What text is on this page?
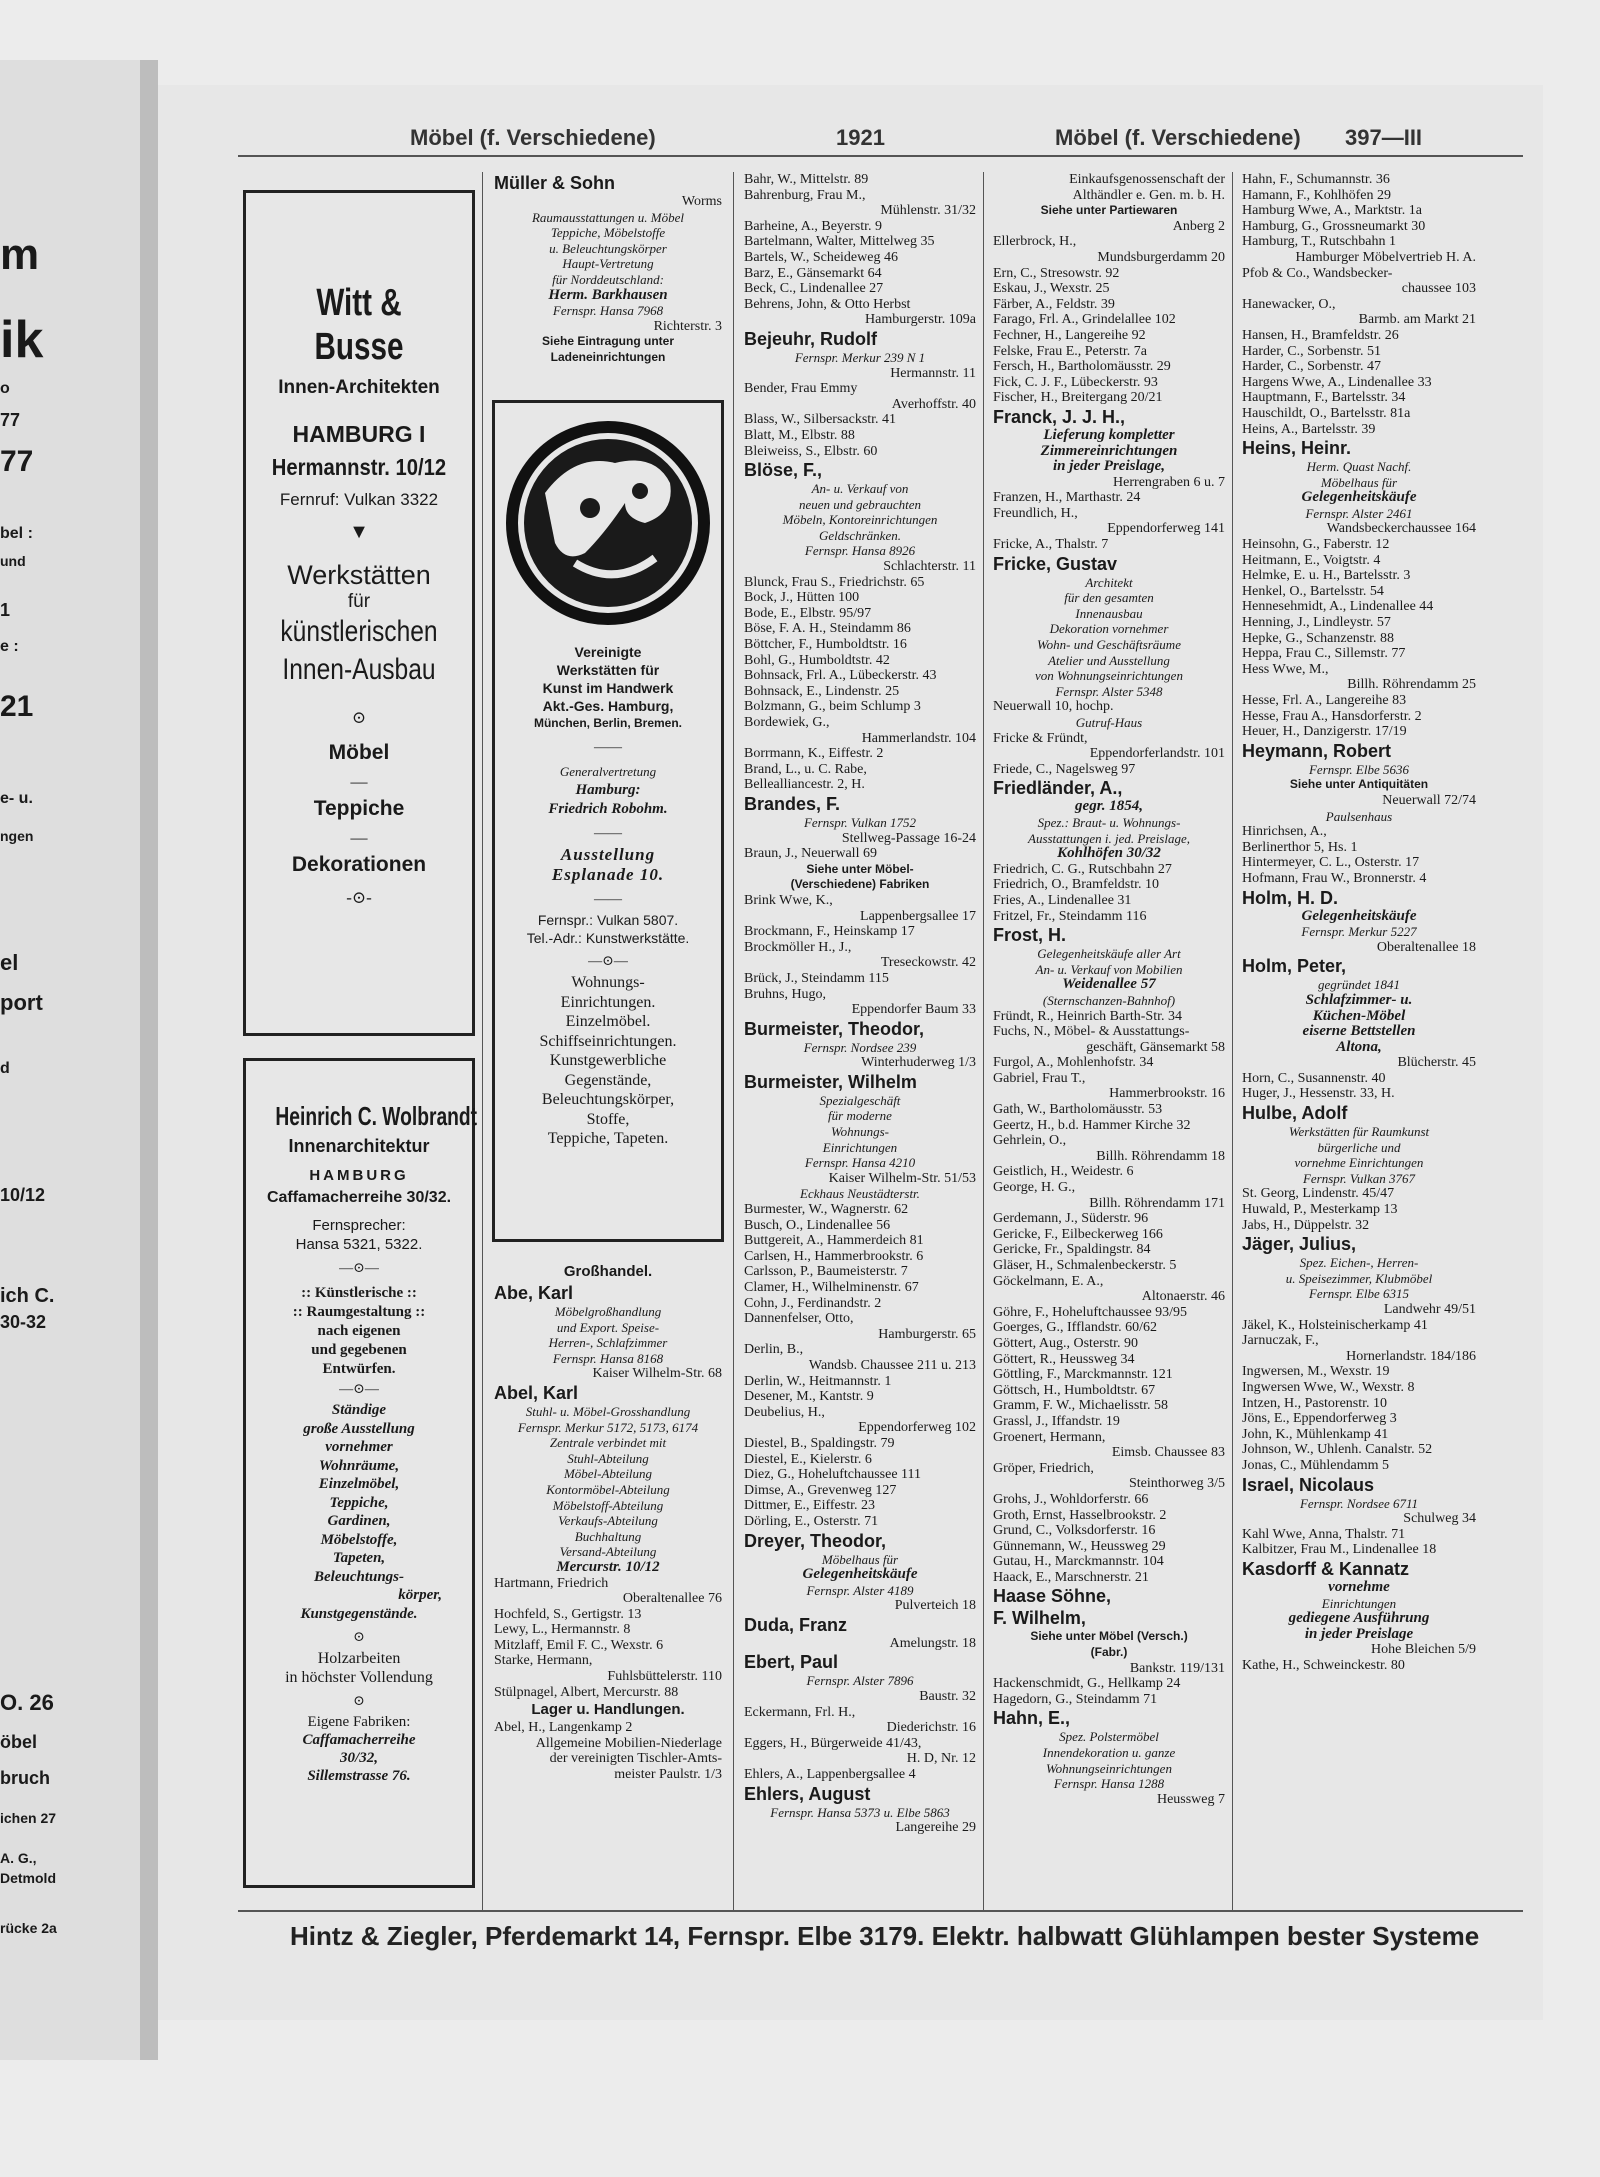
m
ik
o
77
77
bel :
und
1
e :
21
e- u.
ngen
el
port
d
10/12
ich C.
30-32
O. 26
öbel
bruch
ichen 27
A. G.,
Detmold
rücke 2a
Möbel (f. Verschiedene)	1921	Möbel (f. Verschiedene) 397—III
Witt & Busse
Innen-Architekten
HAMBURG I
Hermannstr. 10/12
Fernruf: Vulkan 3322
▼
Werkstätten
für
künstlerischen
Innen-Ausbau
⊙
Möbel
—
Teppiche
—
Dekorationen
-⊙-
Heinrich C. Wolbrandt
Innenarchitektur
HAMBURG
Caffamacherreihe 30/32.
Fernsprecher:
Hansa 5321, 5322.
—⊙—
:: Künstlerische ::
:: Raumgestaltung ::
nach eigenen
und gegebenen
Entwürfen.
—⊙—
Ständige
große Ausstellung
vornehmer
Wohnräume,
Einzelmöbel,
Teppiche,
Gardinen,
Möbelstoffe,
Tapeten,
Beleuchtungs-
körper,
Kunstgegenstände.
⊙
Holzarbeiten
in höchster Vollendung
⊙
Eigene Fabriken:
Caffamacherreihe
30/32,
Sillemstrasse 76.
Müller & Sohn
Worms
Raumausstattungen u. Möbel
Teppiche, Möbelstoffe
u. Beleuchtungskörper
Haupt-Vertretung
für Norddeutschland:
Herm. Barkhausen
Fernspr. Hansa 7968
Richterstr. 3
Siehe Eintragung unter
Ladeneinrichtungen
Vereinigte
Werkstätten für
Kunst im Handwerk
Akt.-Ges. Hamburg,
München, Berlin, Bremen.
——
Generalvertretung
Hamburg:
Friedrich Robohm.
——
Ausstellung
Esplanade 10.
——
Fernspr.: Vulkan 5807.
Tel.-Adr.: Kunstwerkstätte.
—⊙—
Wohnungs-
Einrichtungen.
Einzelmöbel.
Schiffseinrichtungen.
Kunstgewerbliche
Gegenstände,
Beleuchtungskörper,
Stoffe,
Teppiche, Tapeten.
Großhandel.
Abe, Karl
Möbelgroßhandlung
und Export. Speise-
Herren-, Schlafzimmer
Fernspr. Hansa 8168
Kaiser Wilhelm-Str. 68
Abel, Karl
Stuhl- u. Möbel-Grosshandlung
Fernspr. Merkur 5172, 5173, 6174
Zentrale verbindet mit
Stuhl-Abteilung
Möbel-Abteilung
Kontormöbel-Abteilung
Möbelstoff-Abteilung
Verkaufs-Abteilung
Buchhaltung
Versand-Abteilung
Mercurstr. 10/12
Hartmann, Friedrich
Oberaltenallee 76
Hochfeld, S., Gertigstr. 13
Lewy, L., Hermannstr. 8
Mitzlaff, Emil F. C., Wexstr. 6
Starke, Hermann,
Fuhlsbüttelerstr. 110
Stülpnagel, Albert, Mercurstr. 88
Lager u. Handlungen.
Abel, H., Langenkamp 2
Allgemeine Mobilien-Niederlage
der vereinigten Tischler-Amts-
meister Paulstr. 1/3
Bahr, W., Mittelstr. 89
Bahrenburg, Frau M.,
Mühlenstr. 31/32
Barheine, A., Beyerstr. 9
Bartelmann, Walter, Mittelweg 35
Bartels, W., Scheideweg 46
Barz, E., Gänsemarkt 64
Beck, C., Lindenallee 27
Behrens, John, & Otto Herbst
Hamburgerstr. 109a
Bejeuhr, Rudolf
Fernspr. Merkur 239 N 1
Hermannstr. 11
Bender, Frau Emmy
Averhoffstr. 40
Blass, W., Silbersackstr. 41
Blatt, M., Elbstr. 88
Bleiweiss, S., Elbstr. 60
Blöse, F.,
An- u. Verkauf von
neuen und gebrauchten
Möbeln, Kontoreinrichtungen
Geldschränken.
Fernspr. Hansa 8926
Schlachterstr. 11
Blunck, Frau S., Friedrichstr. 65
Bock, J., Hütten 100
Bode, E., Elbstr. 95/97
Böse, F. A. H., Steindamm 86
Böttcher, F., Humboldtstr. 16
Bohl, G., Humboldtstr. 42
Bohnsack, Frl. A., Lübeckerstr. 43
Bohnsack, E., Lindenstr. 25
Bolzmann, G., beim Schlump 3
Bordewiek, G.,
Hammerlandstr. 104
Borrmann, K., Eiffestr. 2
Brand, L., u. C. Rabe,
Bellealliancestr. 2, H.
Brandes, F.
Fernspr. Vulkan 1752
Stellweg-Passage 16-24
Braun, J., Neuerwall 69
Siehe unter Möbel-
(Verschiedene) Fabriken
Brink Wwe, K.,
Lappenbergsallee 17
Brockmann, F., Heinskamp 17
Brockmöller H., J.,
Treseckowstr. 42
Brück, J., Steindamm 115
Bruhns, Hugo,
Eppendorfer Baum 33
Burmeister, Theodor,
Fernspr. Nordsee 239
Winterhuderweg 1/3
Burmeister, Wilhelm
Spezialgeschäft
für moderne
Wohnungs-
Einrichtungen
Fernspr. Hansa 4210
Kaiser Wilhelm-Str. 51/53
Eckhaus Neustädterstr.
Burmester, W., Wagnerstr. 62
Busch, O., Lindenallee 56
Buttgereit, A., Hammerdeich 81
Carlsen, H., Hammerbrookstr. 6
Carlsson, P., Baumeisterstr. 7
Clamer, H., Wilhelminenstr. 67
Cohn, J., Ferdinandstr. 2
Dannenfelser, Otto,
Hamburgerstr. 65
Derlin, B.,
Wandsb. Chaussee 211 u. 213
Derlin, W., Heitmannstr. 1
Desener, M., Kantstr. 9
Deubelius, H.,
Eppendorferweg 102
Diestel, B., Spaldingstr. 79
Diestel, E., Kielerstr. 6
Diez, G., Hoheluftchaussee 111
Dimse, A., Grevenweg 127
Dittmer, E., Eiffestr. 23
Dörling, E., Osterstr. 71
Dreyer, Theodor,
Möbelhaus für
Gelegenheitskäufe
Fernspr. Alster 4189
Pulverteich 18
Duda, Franz
Amelungstr. 18
Ebert, Paul
Fernspr. Alster 7896
Baustr. 32
Eckermann, Frl. H.,
Diederichstr. 16
Eggers, H., Bürgerweide 41/43,
H. D, Nr. 12
Ehlers, A., Lappenbergsallee 4
Ehlers, August
Fernspr. Hansa 5373 u. Elbe 5863
Langereihe 29
Einkaufsgenossenschaft der
Althändler e. Gen. m. b. H.
Siehe unter Partiewaren
Anberg 2
Ellerbrock, H.,
Mundsburgerdamm 20
Ern, C., Stresowstr. 92
Eskau, J., Wexstr. 25
Färber, A., Feldstr. 39
Farago, Frl. A., Grindelallee 102
Fechner, H., Langereihe 92
Felske, Frau E., Peterstr. 7a
Fersch, H., Bartholomäusstr. 29
Fick, C. J. F., Lübeckerstr. 93
Fischer, H., Breitergang 20/21
Franck, J. J. H.,
Lieferung kompletter
Zimmereinrichtungen
in jeder Preislage,
Herrengraben 6 u. 7
Franzen, H., Marthastr. 24
Freundlich, H.,
Eppendorferweg 141
Fricke, A., Thalstr. 7
Fricke, Gustav
Architekt
für den gesamten
Innenausbau
Dekoration vornehmer
Wohn- und Geschäftsräume
Atelier und Ausstellung
von Wohnungseinrichtungen
Fernspr. Alster 5348
Neuerwall 10, hochp.
Gutruf-Haus
Fricke & Fründt,
Eppendorferlandstr. 101
Friede, C., Nagelsweg 97
Friedländer, A.,
gegr. 1854,
Spez.: Braut- u. Wohnungs-
Ausstattungen i. jed. Preislage,
Kohlhöfen 30/32
Friedrich, C. G., Rutschbahn 27
Friedrich, O., Bramfeldstr. 10
Fries, A., Lindenallee 31
Fritzel, Fr., Steindamm 116
Frost, H.
Gelegenheitskäufe aller Art
An- u. Verkauf von Mobilien
Weidenallee 57
(Sternschanzen-Bahnhof)
Fründt, R., Heinrich Barth-Str. 34
Fuchs, N., Möbel- & Ausstattungs-
geschäft, Gänsemarkt 58
Furgol, A., Mohlenhofstr. 34
Gabriel, Frau T.,
Hammerbrookstr. 16
Gath, W., Bartholomäusstr. 53
Geertz, H., b.d. Hammer Kirche 32
Gehrlein, O.,
Billh. Röhrendamm 18
Geistlich, H., Weidestr. 6
George, H. G.,
Billh. Röhrendamm 171
Gerdemann, J., Süderstr. 96
Gericke, F., Eilbeckerweg 166
Gericke, Fr., Spaldingstr. 84
Gläser, H., Schmalenbeckerstr. 5
Göckelmann, E. A.,
Altonaerstr. 46
Göhre, F., Hoheluftchaussee 93/95
Goerges, G., Ifflandstr. 60/62
Göttert, Aug., Osterstr. 90
Göttert, R., Heussweg 34
Göttling, F., Marckmannstr. 121
Göttsch, H., Humboldtstr. 67
Gramm, F. W., Michaelisstr. 58
Grassl, J., Iffandstr. 19
Groenert, Hermann,
Eimsb. Chaussee 83
Gröper, Friedrich,
Steinthorweg 3/5
Grohs, J., Wohldorferstr. 66
Groth, Ernst, Hasselbrookstr. 2
Grund, C., Volksdorferstr. 16
Günnemann, W., Heussweg 29
Gutau, H., Marckmannstr. 104
Haack, E., Marschnerstr. 21
Haase Söhne,
F. Wilhelm,
Siehe unter Möbel (Versch.)
(Fabr.)
Bankstr. 119/131
Hackenschmidt, G., Hellkamp 24
Hagedorn, G., Steindamm 71
Hahn, E.,
Spez. Polstermöbel
Innendekoration u. ganze
Wohnungseinrichtungen
Fernspr. Hansa 1288
Heussweg 7
Hahn, F., Schumannstr. 36
Hamann, F., Kohlhöfen 29
Hamburg Wwe, A., Marktstr. 1a
Hamburg, G., Grossneumarkt 30
Hamburg, T., Rutschbahn 1
Hamburger Möbelvertrieb H. A.
Pfob & Co., Wandsbecker-
chaussee 103
Hanewacker, O.,
Barmb. am Markt 21
Hansen, H., Bramfeldstr. 26
Harder, C., Sorbenstr. 51
Harder, C., Sorbenstr. 47
Hargens Wwe, A., Lindenallee 33
Hauptmann, F., Bartelsstr. 34
Hauschildt, O., Bartelsstr. 81a
Heins, A., Bartelsstr. 39
Heins, Heinr.
Herm. Quast Nachf.
Möbelhaus für
Gelegenheitskäufe
Fernspr. Alster 2461
Wandsbeckerchaussee 164
Heinsohn, G., Faberstr. 12
Heitmann, E., Voigtstr. 4
Helmke, E. u. H., Bartelsstr. 3
Henkel, O., Bartelsstr. 54
Hennesehmidt, A., Lindenallee 44
Henning, J., Lindleystr. 57
Hepke, G., Schanzenstr. 88
Heppa, Frau C., Sillemstr. 77
Hess Wwe, M.,
Billh. Röhrendamm 25
Hesse, Frl. A., Langereihe 83
Hesse, Frau A., Hansdorferstr. 2
Heuer, H., Danzigerstr. 17/19
Heymann, Robert
Fernspr. Elbe 5636
Siehe unter Antiquitäten
Neuerwall 72/74
Paulsenhaus
Hinrichsen, A.,
Berlinerthor 5, Hs. 1
Hintermeyer, C. L., Osterstr. 17
Hofmann, Frau W., Bronnerstr. 4
Holm, H. D.
Gelegenheitskäufe
Fernspr. Merkur 5227
Oberaltenallee 18
Holm, Peter,
gegründet 1841
Schlafzimmer- u.
Küchen-Möbel
eiserne Bettstellen
Altona,
Blücherstr. 45
Horn, C., Susannenstr. 40
Huger, J., Hessenstr. 33, H.
Hulbe, Adolf
Werkstätten für Raumkunst
bürgerliche und
vornehme Einrichtungen
Fernspr. Vulkan 3767
St. Georg, Lindenstr. 45/47
Huwald, P., Mesterkamp 13
Jabs, H., Düppelstr. 32
Jäger, Julius,
Spez. Eichen-, Herren-
u. Speisezimmer, Klubmöbel
Fernspr. Elbe 6315
Landwehr 49/51
Jäkel, K., Holsteinischerkamp 41
Jarnuczak, F.,
Hornerlandstr. 184/186
Ingwersen, M., Wexstr. 19
Ingwersen Wwe, W., Wexstr. 8
Intzen, H., Pastorenstr. 10
Jöns, E., Eppendorferweg 3
John, K., Mühlenkamp 41
Johnson, W., Uhlenh. Canalstr. 52
Jonas, C., Mühlendamm 5
Israel, Nicolaus
Fernspr. Nordsee 6711
Schulweg 34
Kahl Wwe, Anna, Thalstr. 71
Kalbitzer, Frau M., Lindenallee 18
Kasdorff & Kannatz
vornehme
Einrichtungen
gediegene Ausführung
in jeder Preislage
Hohe Bleichen 5/9
Kathe, H., Schweinckestr. 80
Hintz & Ziegler, Pferdemarkt 14, Fernspr. Elbe 3179. Elektr. halbwatt Glühlampen bester Systeme
